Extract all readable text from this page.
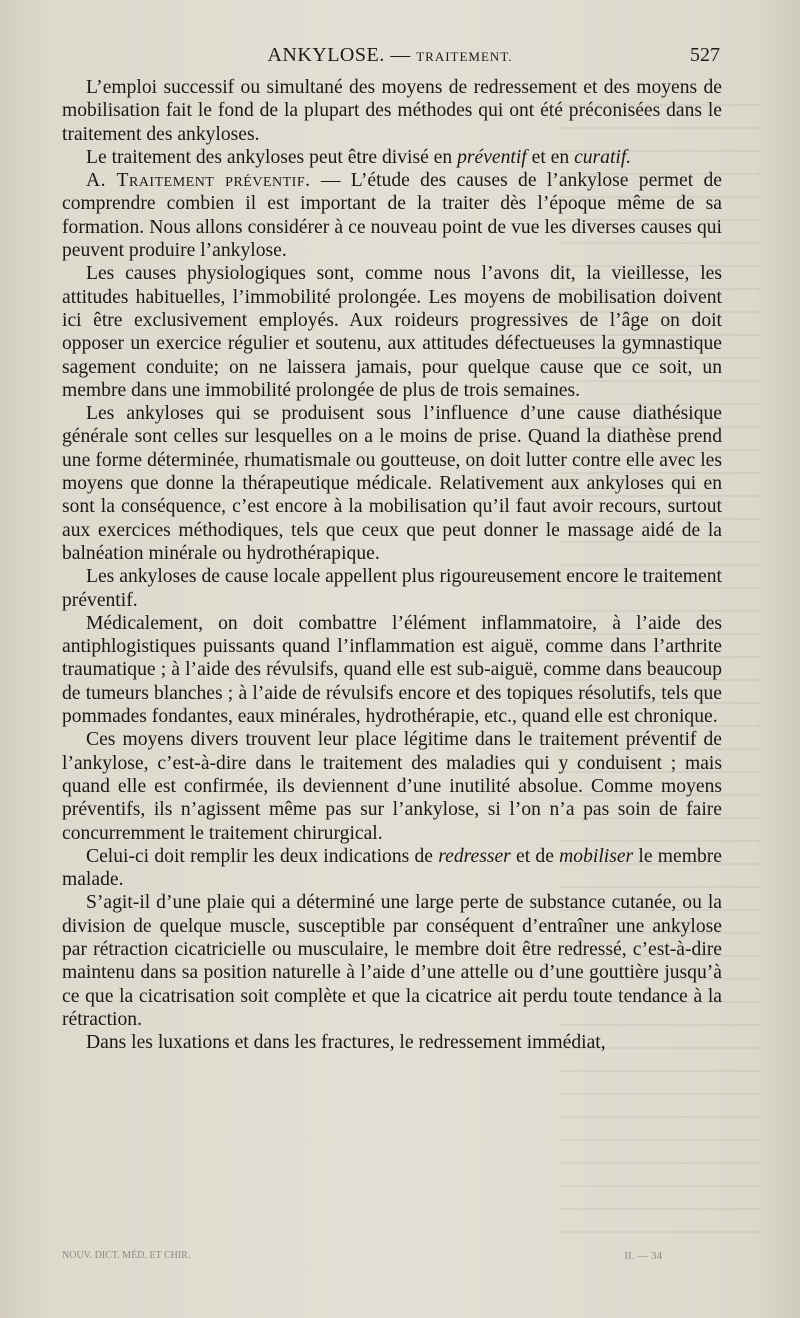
ANKYLOSE. — TRAITEMENT.	527

L’emploi successif ou simultané des moyens de redressement et des moyens de mobilisation fait le fond de la plupart des méthodes qui ont été préconisées dans le traitement des ankyloses.

Le traitement des ankyloses peut être divisé en préventif et en curatif.

A. Traitement préventif. — L’étude des causes de l’ankylose permet de comprendre combien il est important de la traiter dès l’époque même de sa formation. Nous allons considérer à ce nouveau point de vue les diverses causes qui peuvent produire l’ankylose.

Les causes physiologiques sont, comme nous l’avons dit, la vieillesse, les attitudes habituelles, l’immobilité prolongée. Les moyens de mobilisation doivent ici être exclusivement employés. Aux roideurs progressives de l’âge on doit opposer un exercice régulier et soutenu, aux attitudes défectueuses la gymnastique sagement conduite; on ne laissera jamais, pour quelque cause que ce soit, un membre dans une immobilité prolongée de plus de trois semaines.

Les ankyloses qui se produisent sous l’influence d’une cause diathésique générale sont celles sur lesquelles on a le moins de prise. Quand la diathèse prend une forme déterminée, rhumatismale ou goutteuse, on doit lutter contre elle avec les moyens que donne la thérapeutique médicale. Relativement aux ankyloses qui en sont la conséquence, c’est encore à la mobilisation qu’il faut avoir recours, surtout aux exercices méthodiques, tels que ceux que peut donner le massage aidé de la balnéation minérale ou hydrothérapique.

Les ankyloses de cause locale appellent plus rigoureusement encore le traitement préventif.

Médicalement, on doit combattre l’élément inflammatoire, à l’aide des antiphlogistiques puissants quand l’inflammation est aiguë, comme dans l’arthrite traumatique ; à l’aide des révulsifs, quand elle est sub-aiguë, comme dans beaucoup de tumeurs blanches ; à l’aide de révulsifs encore et des topiques résolutifs, tels que pommades fondantes, eaux minérales, hydrothérapie, etc., quand elle est chronique.

Ces moyens divers trouvent leur place légitime dans le traitement préventif de l’ankylose, c’est-à-dire dans le traitement des maladies qui y conduisent ; mais quand elle est confirmée, ils deviennent d’une inutilité absolue. Comme moyens préventifs, ils n’agissent même pas sur l’ankylose, si l’on n’a pas soin de faire concurremment le traitement chirurgical.

Celui-ci doit remplir les deux indications de redresser et de mobiliser le membre malade.

S’agit-il d’une plaie qui a déterminé une large perte de substance cutanée, ou la division de quelque muscle, susceptible par conséquent d’entraîner une ankylose par rétraction cicatricielle ou musculaire, le membre doit être redressé, c’est-à-dire maintenu dans sa position naturelle à l’aide d’une attelle ou d’une gouttière jusqu’à ce que la cicatrisation soit complète et que la cicatrice ait perdu toute tendance à la rétraction.

Dans les luxations et dans les fractures, le redressement immédiat,

NOUV. DICT. MÉD. ET CHIR.	II. — 34
